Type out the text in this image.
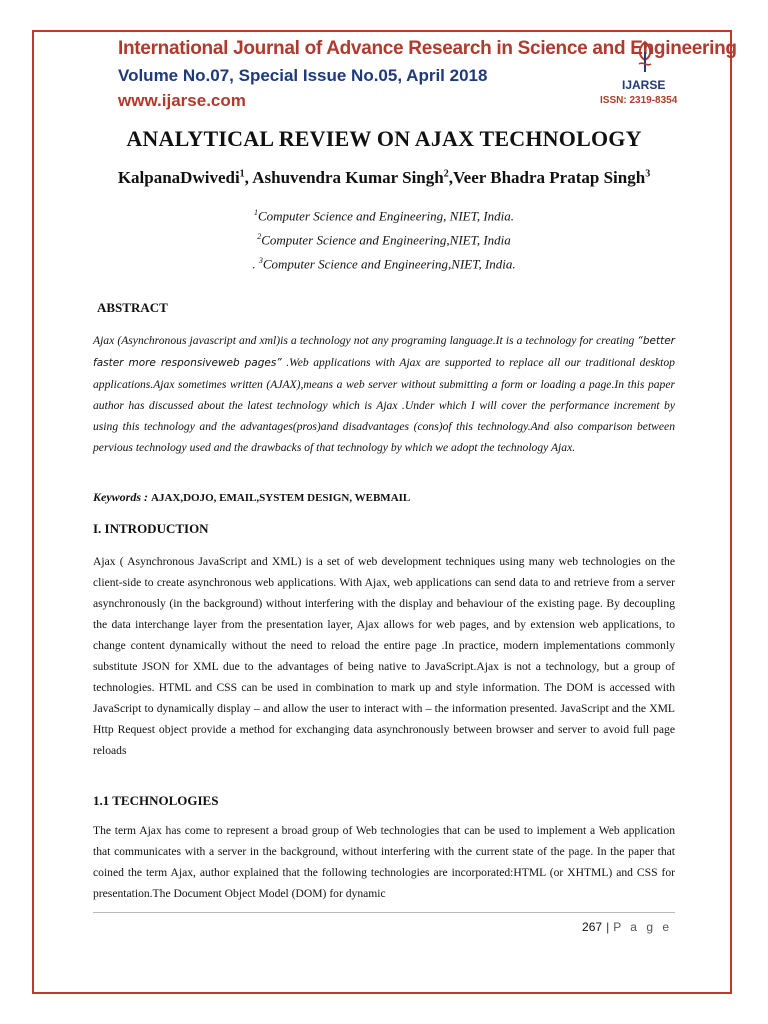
International Journal of Advance Research in Science and Engineering
Volume No.07, Special Issue No.05, April 2018
www.ijarse.com
IJARSE
ISSN: 2319-8354
ANALYTICAL REVIEW ON AJAX TECHNOLOGY
KalpanaDwivedi$^1$, Ashuvendra Kumar Singh$^2$,Veer Bhadra Pratap Singh$^3$
$^1$Computer Science and Engineering, NIET, India.
$^2$Computer Science and Engineering,NIET, India
. $^3$Computer Science and Engineering,NIET, India.
ABSTRACT
Ajax (Asynchronous javascript and xml)is a technology not any programing language.It is a technology for creating “better faster more responsiveweb pages” .Web applications with Ajax are supported to replace all our traditional desktop applications.Ajax sometimes written (AJAX),means a web server without submitting a form or loading a page.In this paper author has discussed about the latest technology which is Ajax .Under which I will cover the performance increment by using this technology and the advantages(pros)and disadvantages (cons)of this technology.And also comparison between pervious technology used and the drawbacks of that technology by which we adopt the technology Ajax.
Keywords : AJAX,DOJO, EMAIL,SYSTEM DESIGN, WEBMAIL
I. INTRODUCTION
Ajax ( Asynchronous JavaScript and XML) is a set of web development techniques using many web technologies on the client-side to create asynchronous web applications. With Ajax, web applications can send data to and retrieve from a server asynchronously (in the background) without interfering with the display and behaviour of the existing page. By decoupling the data interchange layer from the presentation layer, Ajax allows for web pages, and by extension web applications, to change content dynamically without the need to reload the entire page .In practice, modern implementations commonly substitute JSON for XML due to the advantages of being native to JavaScript.Ajax is not a technology, but a group of technologies. HTML and CSS can be used in combination to mark up and style information. The DOM is accessed with JavaScript to dynamically display – and allow the user to interact with – the information presented. JavaScript and the XML Http Request object provide a method for exchanging data asynchronously between browser and server to avoid full page reloads
1.1 TECHNOLOGIES
The term Ajax has come to represent a broad group of Web technologies that can be used to implement a Web application that communicates with a server in the background, without interfering with the current state of the page. In the paper that coined the term Ajax, author explained that the following technologies are incorporated:HTML (or XHTML) and CSS for presentation.The Document Object Model (DOM) for dynamic
267 | P a g e
